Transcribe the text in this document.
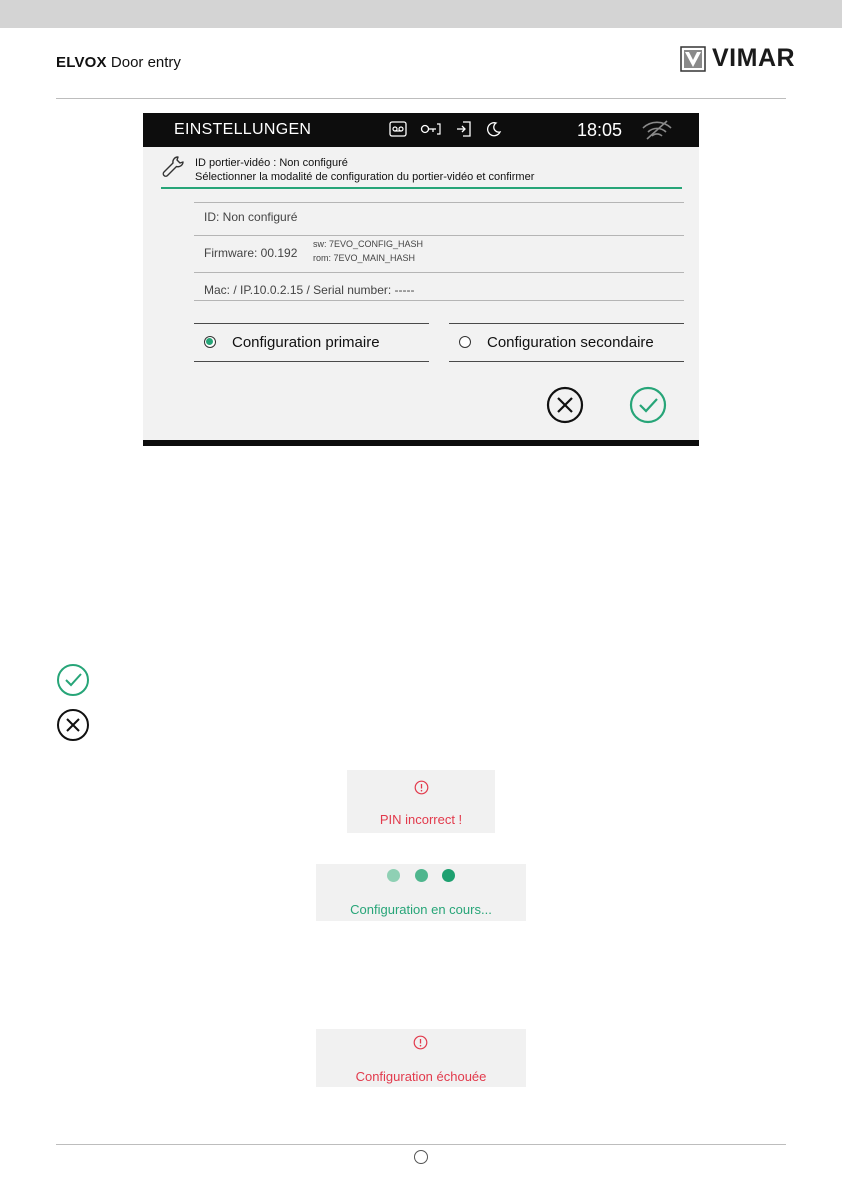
ELVOX Door entry	VIMAR
EINSTELLUNGEN	18:05
ID portier-vidéo : Non configuré
Sélectionner la modalité de configuration du portier-vidéo et confirmer
ID: Non configuré
Firmware: 00.192
sw: 7EVO_CONFIG_HASH
rom: 7EVO_MAIN_HASH
Mac: / IP.10.0.2.15 / Serial number: -----
Configuration primaire	Configuration secondaire
PIN incorrect !

Configuration en cours...
Configuration échouée
